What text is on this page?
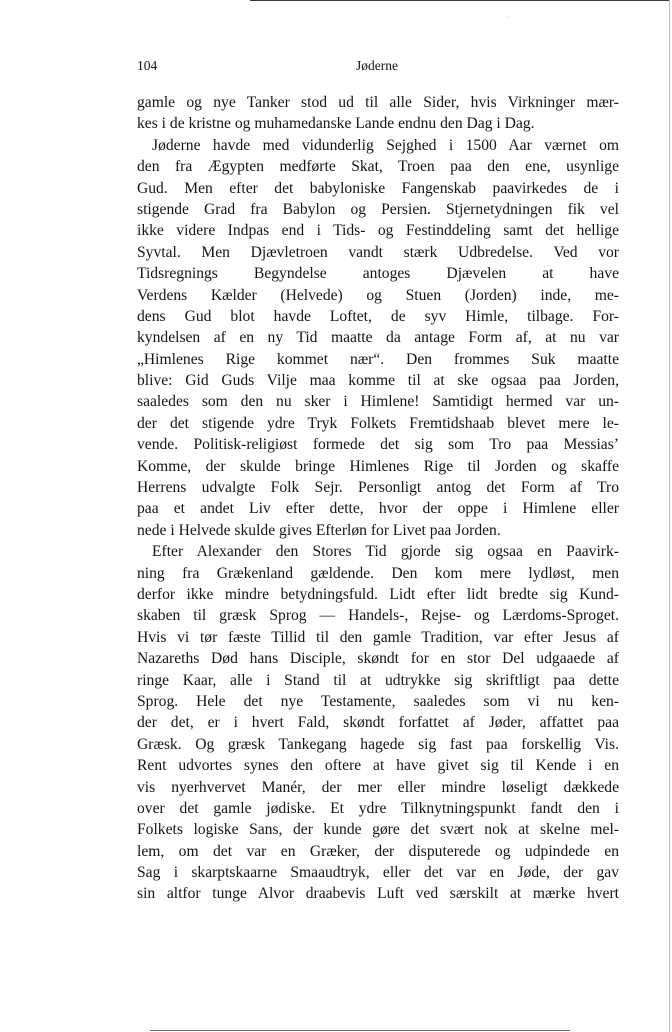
·
104	Jøderne
gamle og nye Tanker stod ud til alle Sider, hvis Virkninger mær-
kes i de kristne og muhamedanske Lande endnu den Dag i Dag.
Jøderne havde med vidunderlig Sejghed i 1500 Aar værnet om
den fra Ægypten medførte Skat, Troen paa den ene, usynlige
Gud. Men efter det babyloniske Fangenskab paavirkedes de i
stigende Grad fra Babylon og Persien. Stjernetydningen fik vel
ikke videre Indpas end i Tids- og Festinddeling samt det hellige
Syvtal. Men Djævletroen vandt stærk Udbredelse. Ved vor
Tidsregnings Begyndelse antoges Djævelen at have
Verdens Kælder (Helvede) og Stuen (Jorden) inde, me-
dens Gud blot havde Loftet, de syv Himle, tilbage. For-
kyndelsen af en ny Tid maatte da antage Form af, at nu var
„Himlenes Rige kommet nær“. Den frommes Suk maatte
blive: Gid Guds Vilje maa komme til at ske ogsaa paa Jorden,
saaledes som den nu sker i Himlene! Samtidigt hermed var un-
der det stigende ydre Tryk Folkets Fremtidshaab blevet mere le-
vende. Politisk-religiøst formede det sig som Tro paa Messias’
Komme, der skulde bringe Himlenes Rige til Jorden og skaffe
Herrens udvalgte Folk Sejr. Personligt antog det Form af Tro
paa et andet Liv efter dette, hvor der oppe i Himlene eller
nede i Helvede skulde gives Efterløn for Livet paa Jorden.
Efter Alexander den Stores Tid gjorde sig ogsaa en Paavirk-
ning fra Grækenland gældende. Den kom mere lydløst, men
derfor ikke mindre betydningsfuld. Lidt efter lidt bredte sig Kund-
skaben til græsk Sprog — Handels-, Rejse- og Lærdoms-Sproget.
Hvis vi tør fæste Tillid til den gamle Tradition, var efter Jesus af
Nazareths Død hans Disciple, skøndt for en stor Del udgaaede af
ringe Kaar, alle i Stand til at udtrykke sig skriftligt paa dette
Sprog. Hele det nye Testamente, saaledes som vi nu ken-
der det, er i hvert Fald, skøndt forfattet af Jøder, affattet paa
Græsk. Og græsk Tankegang hagede sig fast paa forskellig Vis.
Rent udvortes synes den oftere at have givet sig til Kende i en
vis nyerhvervet Manér, der mer eller mindre løseligt dækkede
over det gamle jødiske. Et ydre Tilknytningspunkt fandt den i
Folkets logiske Sans, der kunde gøre det svært nok at skelne mel-
lem, om det var en Græker, der disputerede og udpindede en
Sag i skarptskaarne Smaaudtryk, eller det var en Jøde, der gav
sin altfor tunge Alvor draabevis Luft ved særskilt at mærke hvert
